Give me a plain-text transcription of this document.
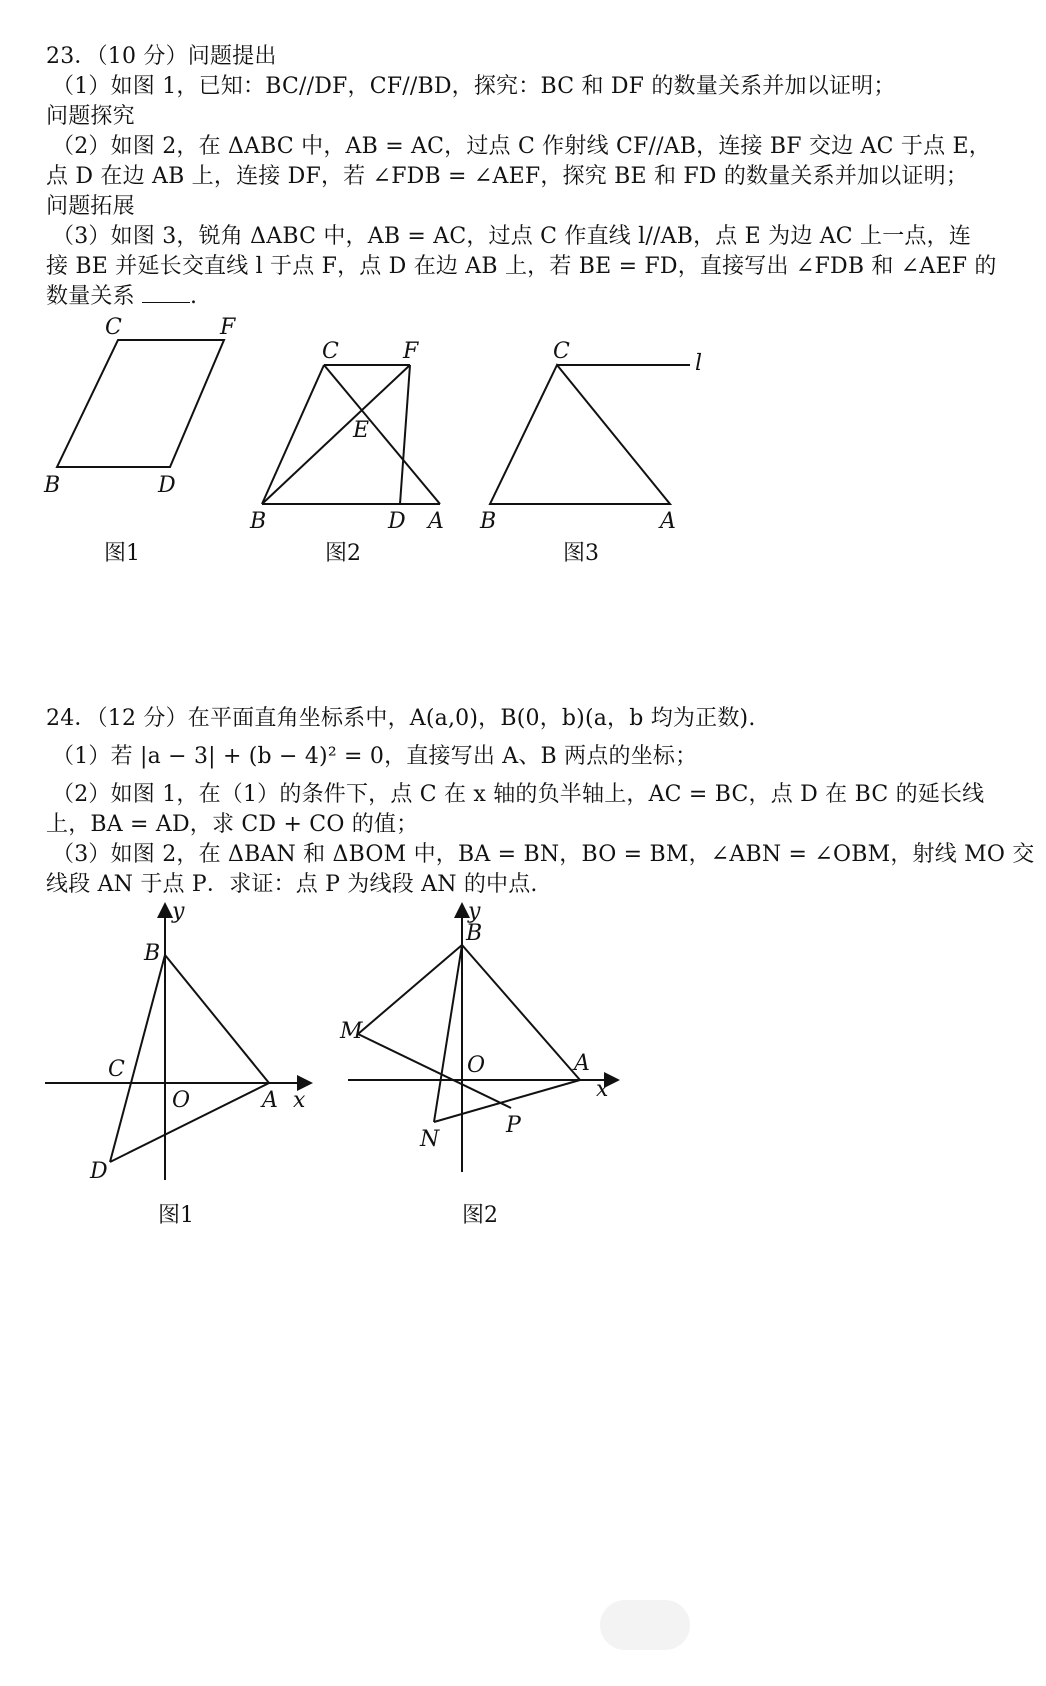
23．（10 分）问题提出
（1）如图 1，已知：BC//DF，CF//BD，探究：BC 和 DF 的数量关系并加以证明；
问题探究
（2）如图 2，在 ΔABC 中，AB = AC，过点 C 作射线 CF//AB，连接 BF 交边 AC 于点 E，
点 D 在边 AB 上，连接 DF，若 ∠FDB = ∠AEF，探究 BE 和 FD 的数量关系并加以证明；
问题拓展
（3）如图 3，锐角 ΔABC 中，AB = AC，过点 C 作直线 l//AB，点 E 为边 AC 上一点，连
接 BE 并延长交直线 l 于点 F，点 D 在边 AB 上，若 BE = FD，直接写出 ∠FDB 和 ∠AEF 的
数量关系	.
C	F
B	D
图1
C	F
E
B	D A
图2
C	l
B	A
图3
24．（12 分）在平面直角坐标系中，A(a,0)，B(0，b)(a，b 均为正数).
（1）若 |a − 3| + (b − 4)² = 0，直接写出 A、B 两点的坐标；
（2）如图 1，在（1）的条件下，点 C 在 x 轴的负半轴上，AC = BC，点 D 在 BC 的延长线
上，BA = AD，求 CD + CO 的值；
（3）如图 2，在 ΔBAN 和 ΔBOM 中，BA = BN，BO = BM，∠ABN = ∠OBM，射线 MO 交
线段 AN 于点 P．求证：点 P 为线段 AN 的中点.
y
B
C
O	A x
D
图1
y
B
M
O	A
x
P
N
图2
